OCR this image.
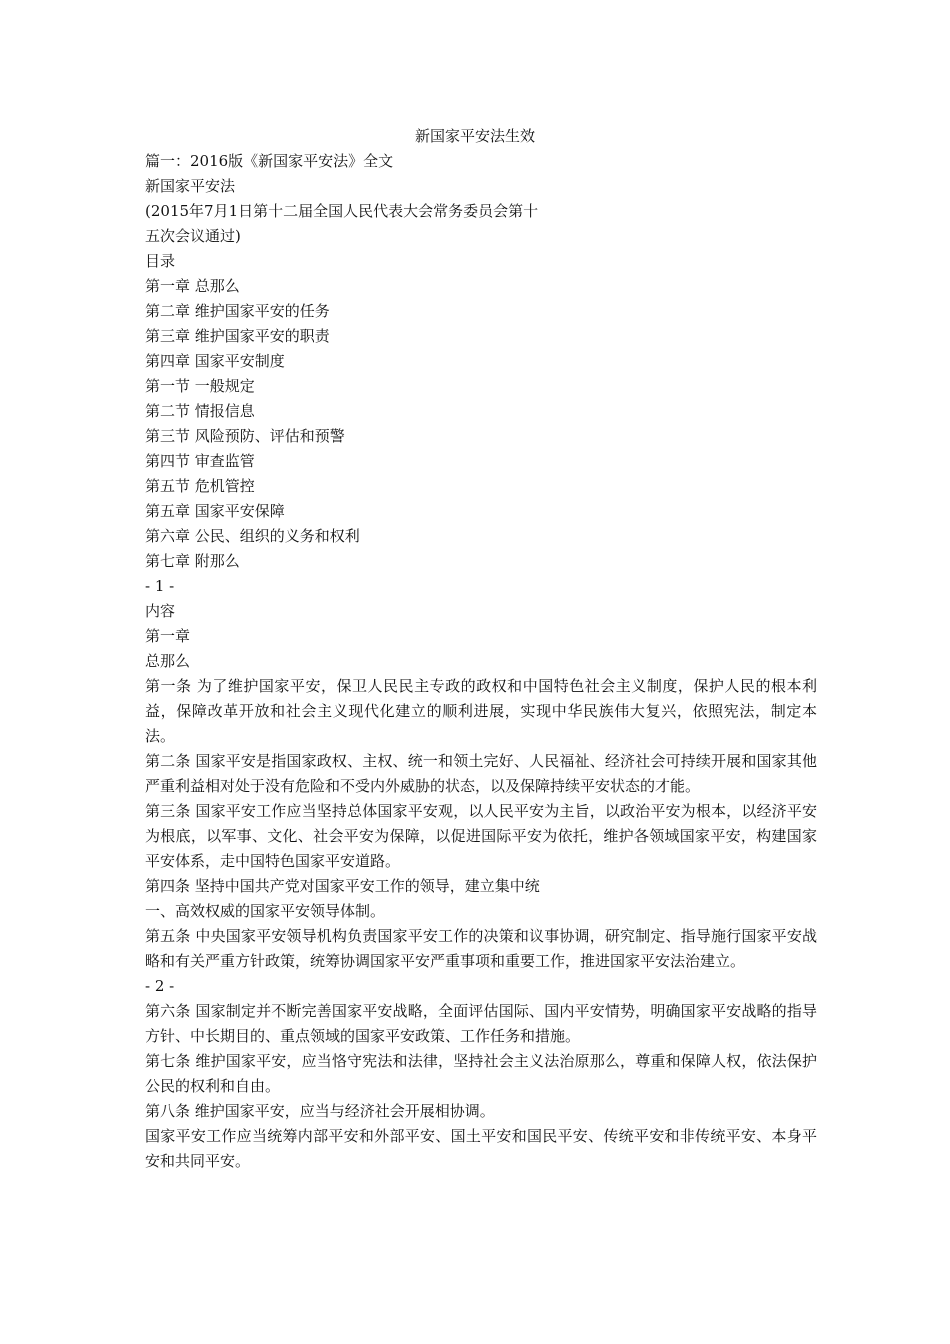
新国家平安法生效

篇一：2016版《新国家平安法》全文

新国家平安法

(2015年7月1日第十二届全国人民代表大会常务委员会第十

五次会议通过)

目录

第一章 总那么

第二章 维护国家平安的任务

第三章 维护国家平安的职责

第四章 国家平安制度

第一节 一般规定

第二节 情报信息

第三节 风险预防、评估和预警

第四节 审查监管

第五节 危机管控

第五章 国家平安保障

第六章 公民、组织的义务和权利

第七章 附那么

- 1 -

内容

第一章

总那么

第一条 为了维护国家平安，保卫人民民主专政的政权和中国特色社会主义制度，保护人民的根本利益，保障改革开放和社会主义现代化建立的顺利进展，实现中华民族伟大复兴，依照宪法，制定本法。

第二条 国家平安是指国家政权、主权、统一和领土完好、人民福祉、经济社会可持续开展和国家其他严重利益相对处于没有危险和不受内外威胁的状态，以及保障持续平安状态的才能。

第三条 国家平安工作应当坚持总体国家平安观，以人民平安为主旨，以政治平安为根本，以经济平安为根底，以军事、文化、社会平安为保障，以促进国际平安为依托，维护各领域国家平安，构建国家平安体系，走中国特色国家平安道路。

第四条 坚持中国共产党对国家平安工作的领导，建立集中统

一、高效权威的国家平安领导体制。

第五条 中央国家平安领导机构负责国家平安工作的决策和议事协调，研究制定、指导施行国家平安战略和有关严重方针政策，统筹协调国家平安严重事项和重要工作，推进国家平安法治建立。

- 2 -

第六条 国家制定并不断完善国家平安战略，全面评估国际、国内平安情势，明确国家平安战略的指导方针、中长期目的、重点领域的国家平安政策、工作任务和措施。

第七条 维护国家平安，应当恪守宪法和法律，坚持社会主义法治原那么，尊重和保障人权，依法保护公民的权利和自由。

第八条 维护国家平安，应当与经济社会开展相协调。

国家平安工作应当统筹内部平安和外部平安、国土平安和国民平安、传统平安和非传统平安、本身平安和共同平安。
